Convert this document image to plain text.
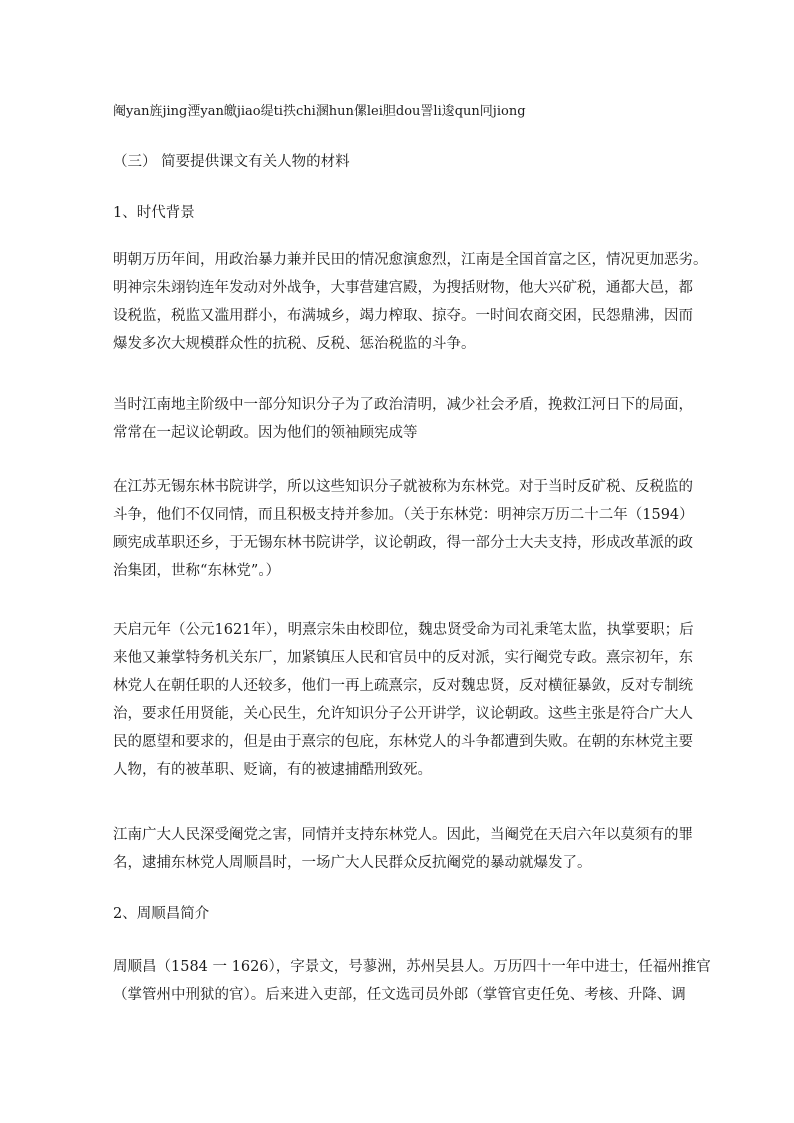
阉yan旌jing湮yan皦jiao缇ti抶chi溷hun傫lei胆dou詈li逡qun冋jiong
（三） 简要提供课文有关人物的材料
1、时代背景
明朝万历年间，用政治暴力兼并民田的情况愈演愈烈，江南是全国首富之区，情况更加恶劣。
明神宗朱翊钧连年发动对外战争，大事营建宫殿，为搜括财物，他大兴矿税，通都大邑，都
设税监，税监又滥用群小，布满城乡，竭力榨取、掠夺。一时间农商交困，民怨鼎沸，因而
爆发多次大规模群众性的抗税、反税、惩治税监的斗争。
当时江南地主阶级中一部分知识分子为了政治清明，减少社会矛盾，挽救江河日下的局面，
常常在一起议论朝政。因为他们的领袖顾宪成等
在江苏无锡东林书院讲学，所以这些知识分子就被称为东林党。对于当时反矿税、反税监的
斗争，他们不仅同情，而且积极支持并参加。（关于东林党：明神宗万历二十二年（1594）
顾宪成革职还乡，于无锡东林书院讲学，议论朝政，得一部分士大夫支持，形成改革派的政
治集团，世称“东林党”。）
天启元年（公元1621年），明熹宗朱由校即位，魏忠贤受命为司礼秉笔太监，执掌要职；后
来他又兼掌特务机关东厂，加紧镇压人民和官员中的反对派，实行阉党专政。熹宗初年，东
林党人在朝任职的人还较多，他们一再上疏熹宗，反对魏忠贤，反对横征暴敛，反对专制统
治，要求任用贤能，关心民生，允许知识分子公开讲学，议论朝政。这些主张是符合广大人
民的愿望和要求的，但是由于熹宗的包庇，东林党人的斗争都遭到失败。在朝的东林党主要
人物，有的被革职、贬谪，有的被逮捕酷刑致死。
江南广大人民深受阉党之害，同情并支持东林党人。因此，当阉党在天启六年以莫须有的罪
名，逮捕东林党人周顺昌时，一场广大人民群众反抗阉党的暴动就爆发了。
2、周顺昌简介
周顺昌（1584 一 1626），字景文，号蓼洲，苏州吴县人。万历四十一年中进士，任福州推官
（掌管州中刑狱的官）。后来进入吏部，任文选司员外郎（掌管官吏任免、考核、升降、调
